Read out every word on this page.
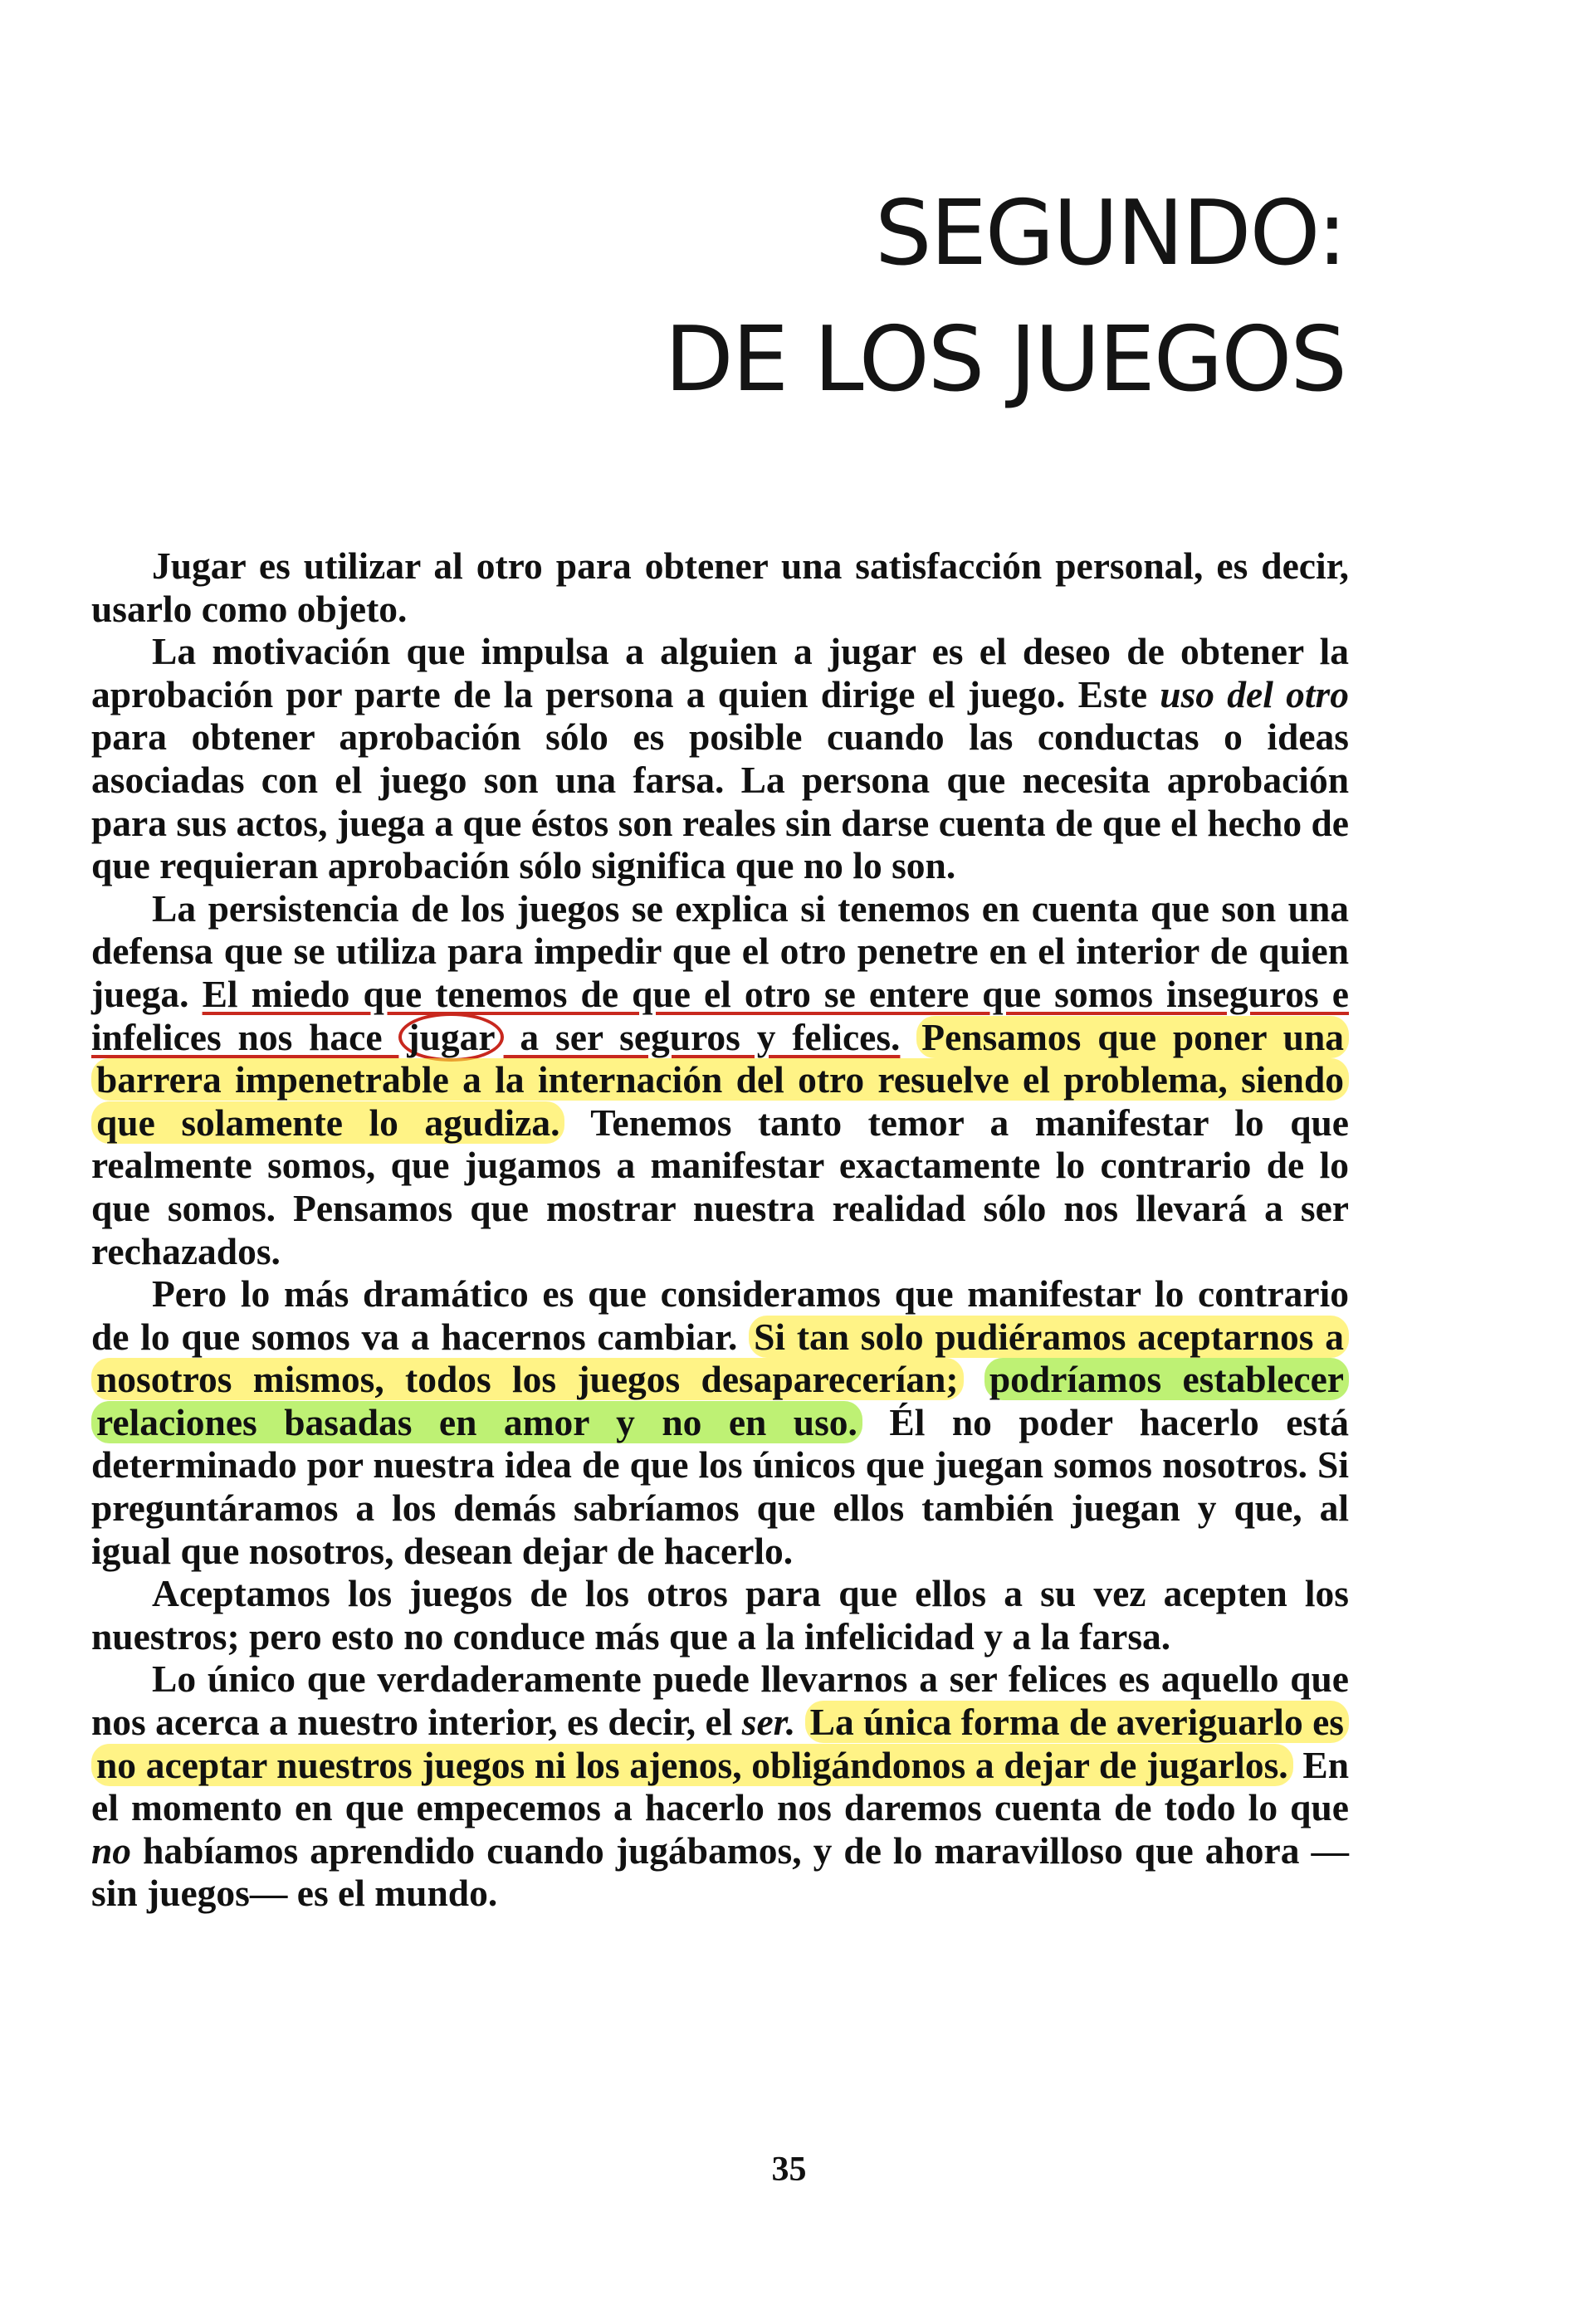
SEGUNDO:
DE LOS JUEGOS

Jugar es utilizar al otro para obtener una satisfacción personal, es decir, usarlo como objeto.

La motivación que impulsa a alguien a jugar es el deseo de obtener la aprobación por parte de la persona a quien dirige el juego. Este uso del otro para obtener aprobación sólo es posible cuando las conductas o ideas asociadas con el juego son una farsa. La persona que necesita aprobación para sus actos, juega a que éstos son reales sin darse cuenta de que el hecho de que requieran aprobación sólo significa que no lo son.

La persistencia de los juegos se explica si tenemos en cuenta que son una defensa que se utiliza para impedir que el otro penetre en el interior de quien juega. El miedo que tenemos de que el otro se entere que somos inseguros e infelices nos hace jugar a ser seguros y felices. Pensamos que poner una barrera impenetrable a la internación del otro resuelve el problema, siendo que solamente lo agudiza. Tenemos tanto temor a manifestar lo que realmente somos, que jugamos a manifestar exactamente lo contrario de lo que somos. Pensamos que mostrar nuestra realidad sólo nos llevará a ser rechazados.

Pero lo más dramático es que consideramos que manifestar lo contrario de lo que somos va a hacernos cambiar. Si tan solo pudiéramos aceptarnos a nosotros mismos, todos los juegos desaparecerían; podríamos establecer relaciones basadas en amor y no en uso. Él no poder hacerlo está determinado por nuestra idea de que los únicos que juegan somos nosotros. Si preguntáramos a los demás sabríamos que ellos también juegan y que, al igual que nosotros, desean dejar de hacerlo.

Aceptamos los juegos de los otros para que ellos a su vez acepten los nuestros; pero esto no conduce más que a la infelicidad y a la farsa.

Lo único que verdaderamente puede llevarnos a ser felices es aquello que nos acerca a nuestro interior, es decir, el ser. La única forma de averiguarlo es no aceptar nuestros juegos ni los ajenos, obligándonos a dejar de jugarlos. En el momento en que empecemos a hacerlo nos daremos cuenta de todo lo que no habíamos aprendido cuando jugábamos, y de lo maravilloso que ahora —sin juegos— es el mundo.

35
